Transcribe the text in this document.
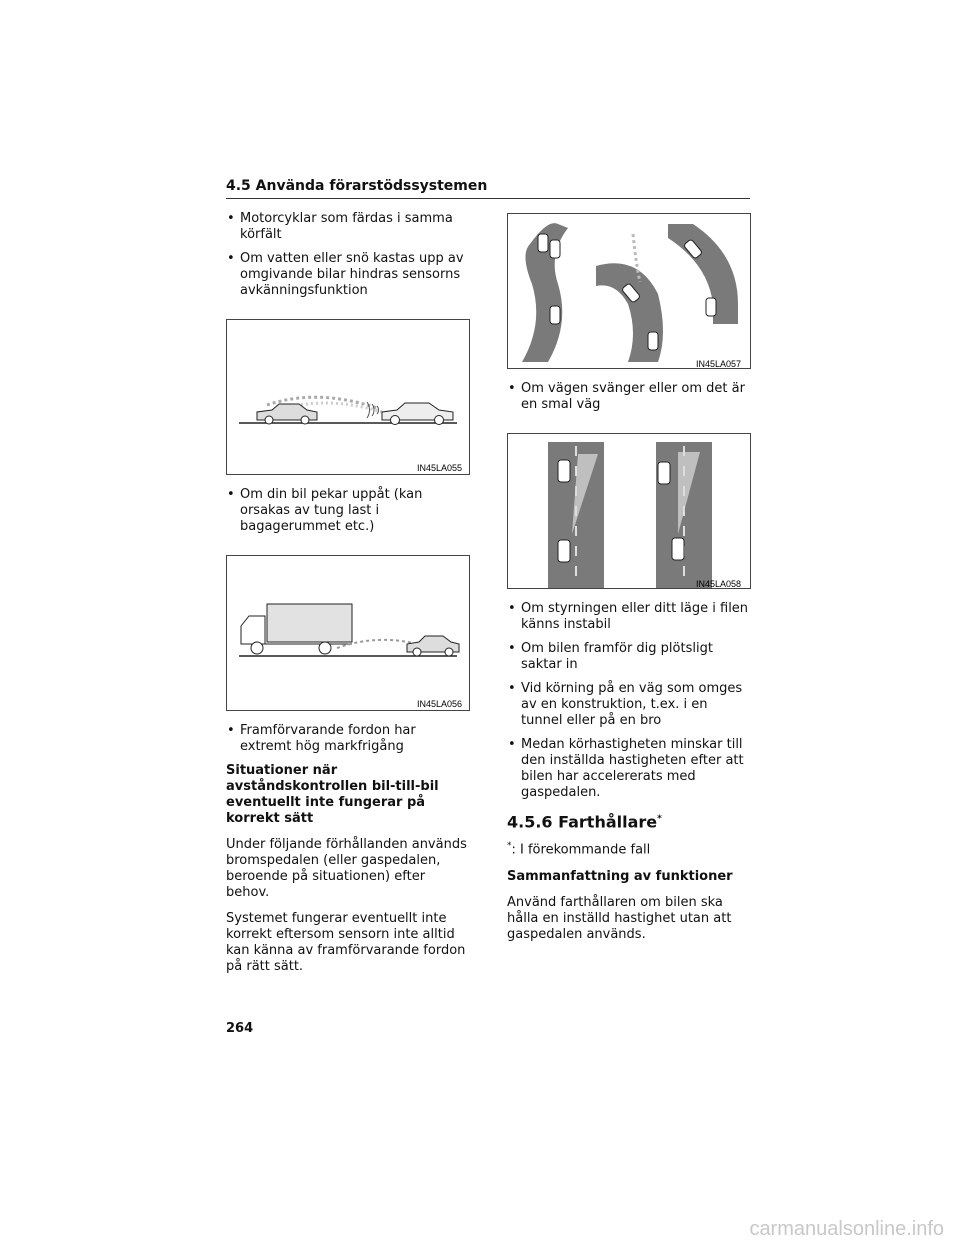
4.5 Använda förarstödssystemen
• Motorcyklar som färdas i samma körfält
• Om vatten eller snö kastas upp av omgivande bilar hindras sensorns avkänningsfunktion
IN45LA055
• Om din bil pekar uppåt (kan orsakas av tung last i bagagerummet etc.)
IN45LA056
• Framförvarande fordon har extremt hög markfrigång
Situationer när avståndskontrollen bil-till-bil eventuellt inte fungerar på korrekt sätt
Under följande förhållanden används bromspedalen (eller gaspedalen, beroende på situationen) efter behov.
Systemet fungerar eventuellt inte korrekt eftersom sensorn inte alltid kan känna av framförvarande fordon på rätt sätt.
IN45LA057
• Om vägen svänger eller om det är en smal väg
IN45LA058
• Om styrningen eller ditt läge i filen känns instabil
• Om bilen framför dig plötsligt saktar in
• Vid körning på en väg som omges av en konstruktion, t.ex. i en tunnel eller på en bro
• Medan körhastigheten minskar till den inställda hastigheten efter att bilen har accelererats med gaspedalen.
4.5.6 Farthållare*
*: I förekommande fall
Sammanfattning av funktioner
Använd farthållaren om bilen ska hålla en inställd hastighet utan att gaspedalen används.
264
carmanualsonline.info
